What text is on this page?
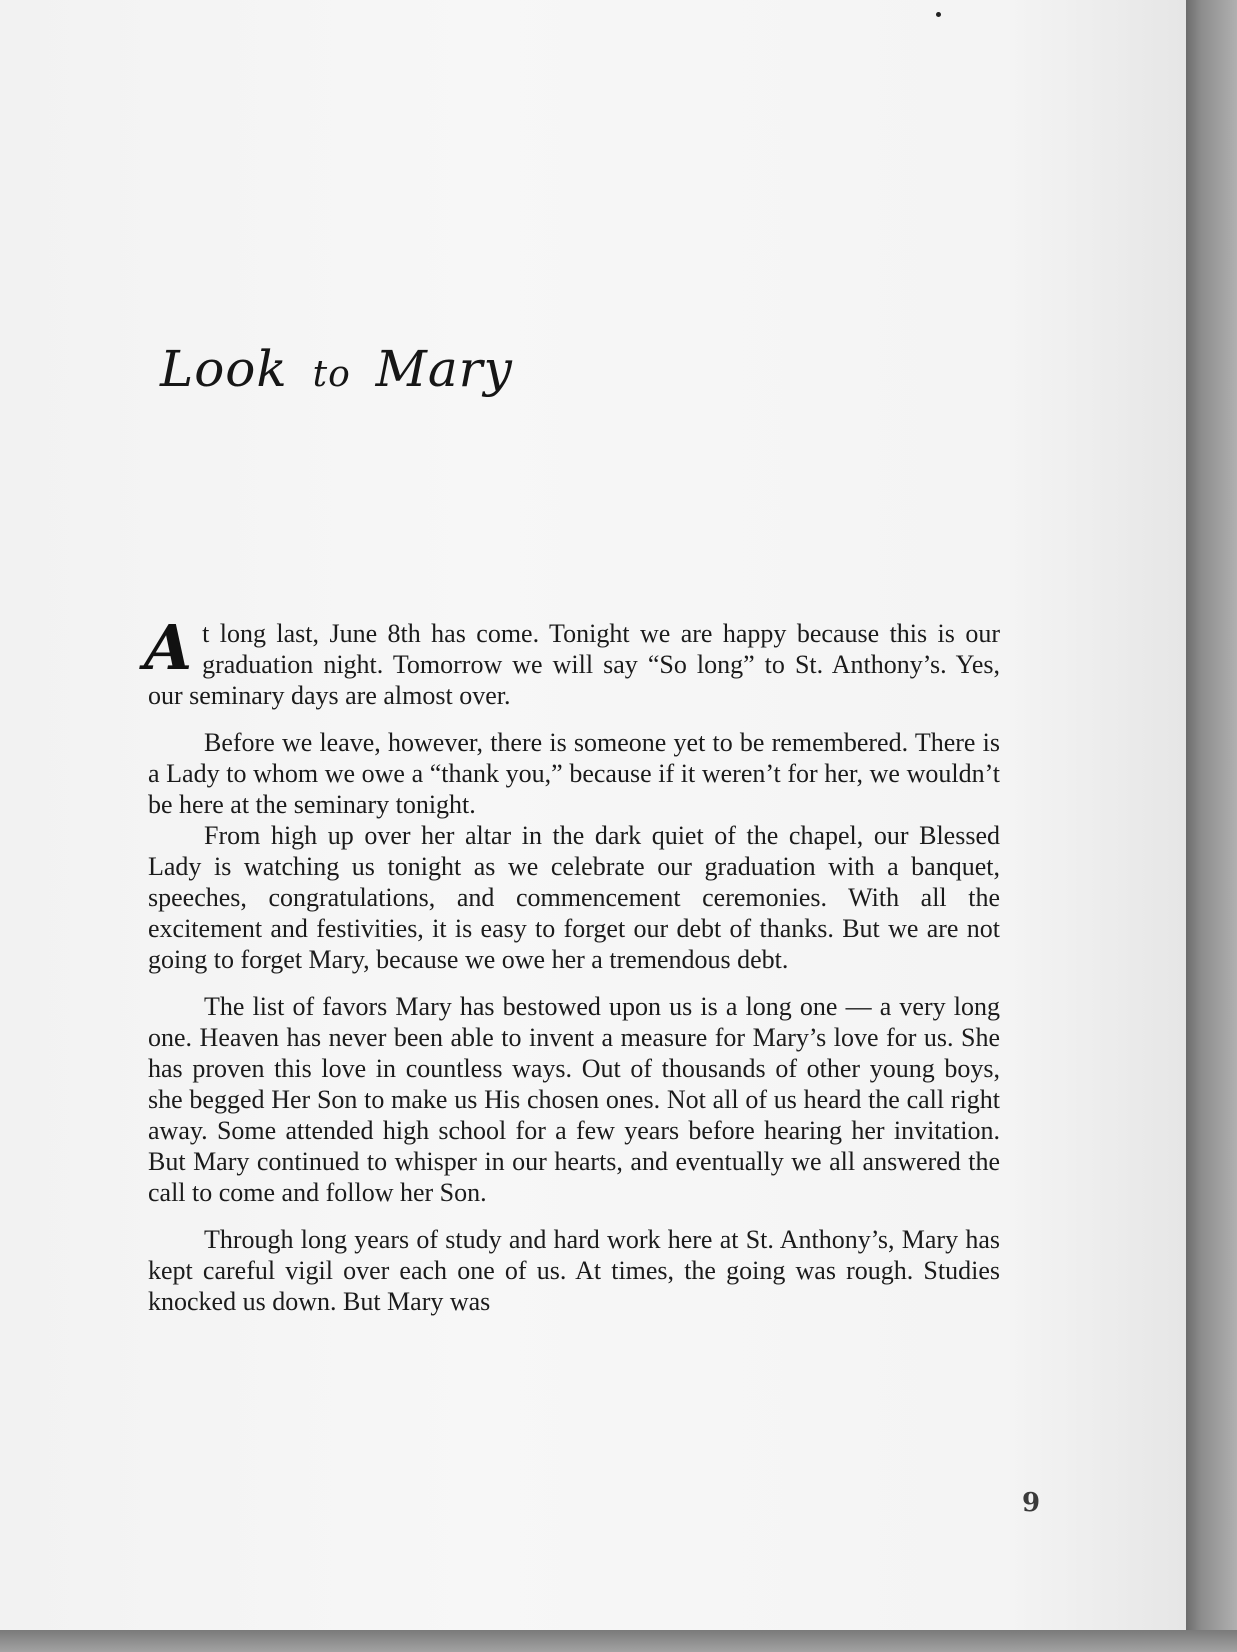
Look to Mary

At long last, June 8th has come. Tonight we are happy because this is our graduation night. Tomorrow we will say “So long” to St. Anthony’s. Yes, our seminary days are almost over.

Before we leave, however, there is someone yet to be remembered. There is a Lady to whom we owe a “thank you,” because if it weren’t for her, we wouldn’t be here at the seminary tonight.

From high up over her altar in the dark quiet of the chapel, our Blessed Lady is watching us tonight as we celebrate our graduation with a banquet, speeches, congratulations, and commencement ceremonies. With all the excitement and festivities, it is easy to forget our debt of thanks. But we are not going to forget Mary, because we owe her a tremendous debt.

The list of favors Mary has bestowed upon us is a long one — a very long one. Heaven has never been able to invent a measure for Mary’s love for us. She has proven this love in countless ways. Out of thousands of other young boys, she begged Her Son to make us His chosen ones. Not all of us heard the call right away. Some attended high school for a few years before hearing her invitation. But Mary continued to whisper in our hearts, and eventually we all answered the call to come and follow her Son.

Through long years of study and hard work here at St. Anthony’s, Mary has kept careful vigil over each one of us. At times, the going was rough. Studies knocked us down. But Mary was

9
